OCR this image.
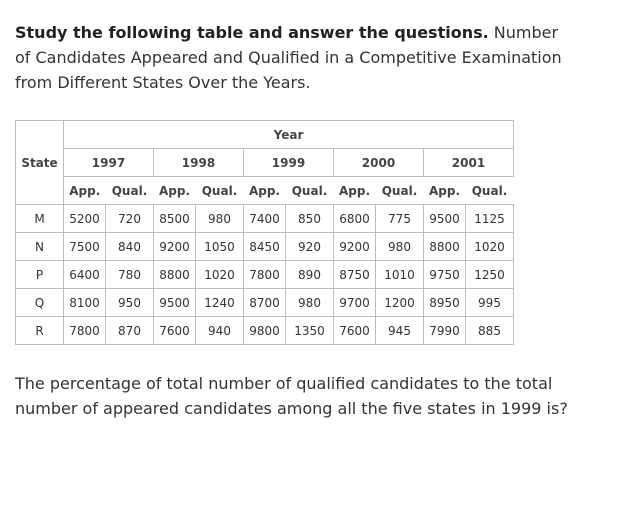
Study the following table and answer the questions. Number of Candidates Appeared and Qualified in a Competitive Examination from Different States Over the Years.

	Year									
State	1997		1998		1999		2000		2001	
	App.	Qual.	App.	Qual.	App.	Qual.	App.	Qual.	App.	Qual.
M	5200	720	8500	980	7400	850	6800	775	9500	1125
N	7500	840	9200	1050	8450	920	9200	980	8800	1020
P	6400	780	8800	1020	7800	890	8750	1010	9750	1250
Q	8100	950	9500	1240	8700	980	9700	1200	8950	995
R	7800	870	7600	940	9800	1350	7600	945	7990	885

The percentage of total number of qualified candidates to the total number of appeared candidates among all the five states in 1999 is?
